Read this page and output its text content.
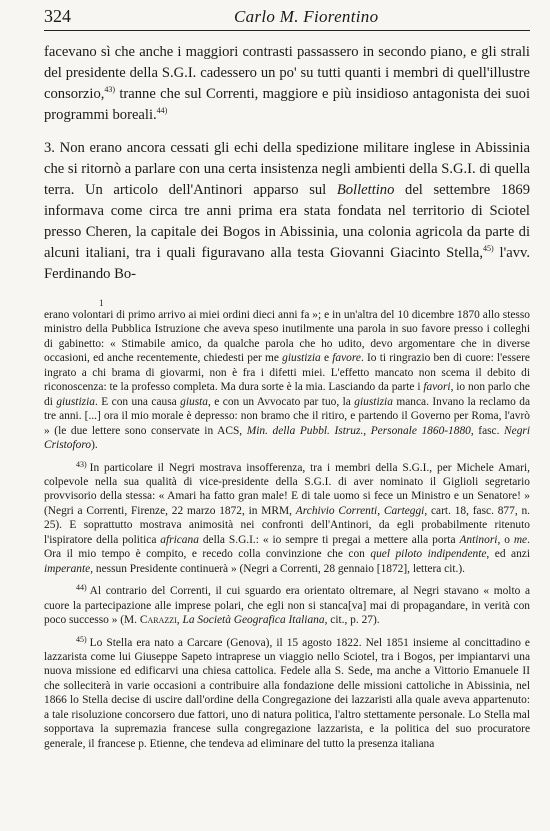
324	Carlo M. Fiorentino

facevano sì che anche i maggiori contrasti passassero in secondo piano, e gli strali del presidente della S.G.I. cadessero un po' su tutti quanti i membri di quell'illustre consorzio,$^{43)}$ tranne che sul Correnti, maggiore e più insidioso antagonista dei suoi programmi boreali.$^{44)}$

3. Non erano ancora cessati gli echi della spedizione militare inglese in Abissinia che si ritornò a parlare con una certa insistenza negli ambienti della S.G.I. di quella terra. Un articolo dell'Antinori apparso sul Bollettino del settembre 1869 informava come circa tre anni prima era stata fondata nel territorio di Sciotel presso Cheren, la capitale dei Bogos in Abissinia, una colonia agricola da parte di alcuni italiani, tra i quali figuravano alla testa Giovanni Giacinto Stella,$^{45)}$ l'avv. Ferdinando Bo-

1

erano volontari di primo arrivo ai miei ordini dieci anni fa »; e in un'altra del 10 dicembre 1870 allo stesso ministro della Pubblica Istruzione che aveva speso inutilmente una parola in suo favore presso i colleghi di gabinetto: « Stimabile amico, da qualche parola che ho udito, devo argomentare che in diverse occasioni, ed anche recentemente, chiedesti per me giustizia e favore. Io ti ringrazio ben di cuore: l'essere ingrato a chi brama di giovarmi, non è fra i difetti miei. L'effetto mancato non scema il debito di riconoscenza: te la professo completa. Ma dura sorte è la mia. Lasciando da parte i favori, io non parlo che di giustizia. E con una causa giusta, e con un Avvocato par tuo, la giustizia manca. Invano la reclamo da tre anni. [...] ora il mio morale è depresso: non bramo che il ritiro, e partendo il Governo per Roma, l'avrò » (le due lettere sono conservate in ACS, Min. della Pubbl. Istruz., Personale 1860-1880, fasc. Negri Cristoforo).

$^{43)}$ In particolare il Negri mostrava insofferenza, tra i membri della S.G.I., per Michele Amari, colpevole nella sua qualità di vice-presidente della S.G.I. di aver nominato il Giglioli segretario provvisorio della stessa: « Amari ha fatto gran male! E di tale uomo si fece un Ministro e un Senatore! » (Negri a Correnti, Firenze, 22 marzo 1872, in MRM, Archivio Correnti, Carteggi, cart. 18, fasc. 877, n. 25). E soprattutto mostrava animosità nei confronti dell'Antinori, da egli probabilmente ritenuto l'ispiratore della politica africana della S.G.I.: « io sempre ti pregai a mettere alla porta Antinori, o me. Ora il mio tempo è compito, e recedo colla convinzione che con quel piloto indipendente, ed anzi imperante, nessun Presidente continuerà » (Negri a Correnti, 28 gennaio [1872], lettera cit.).

$^{44)}$ Al contrario del Correnti, il cui sguardo era orientato oltremare, al Negri stavano « molto a cuore la partecipazione alle imprese polari, che egli non si stanca[va] mai di propagandare, in verità con poco successo » (M. Carazzi, La Società Geografica Italiana, cit., p. 27).

$^{45)}$ Lo Stella era nato a Carcare (Genova), il 15 agosto 1822. Nel 1851 insieme al concittadino e lazzarista come lui Giuseppe Sapeto intraprese un viaggio nello Sciotel, tra i Bogos, per impiantarvi una nuova missione ed edificarvi una chiesa cattolica. Fedele alla S. Sede, ma anche a Vittorio Emanuele II che solleciterà in varie occasioni a contribuire alla fondazione delle missioni cattoliche in Abissinia, nel 1866 lo Stella decise di uscire dall'ordine della Congregazione dei lazzaristi alla quale aveva appartenuto: a tale risoluzione concorsero due fattori, uno di natura politica, l'altro stettamente personale. Lo Stella mal sopportava la supremazia francese sulla congregazione lazzarista, e la politica del suo procuratore generale, il francese p. Etienne, che tendeva ad eliminare del tutto la presenza italiana
